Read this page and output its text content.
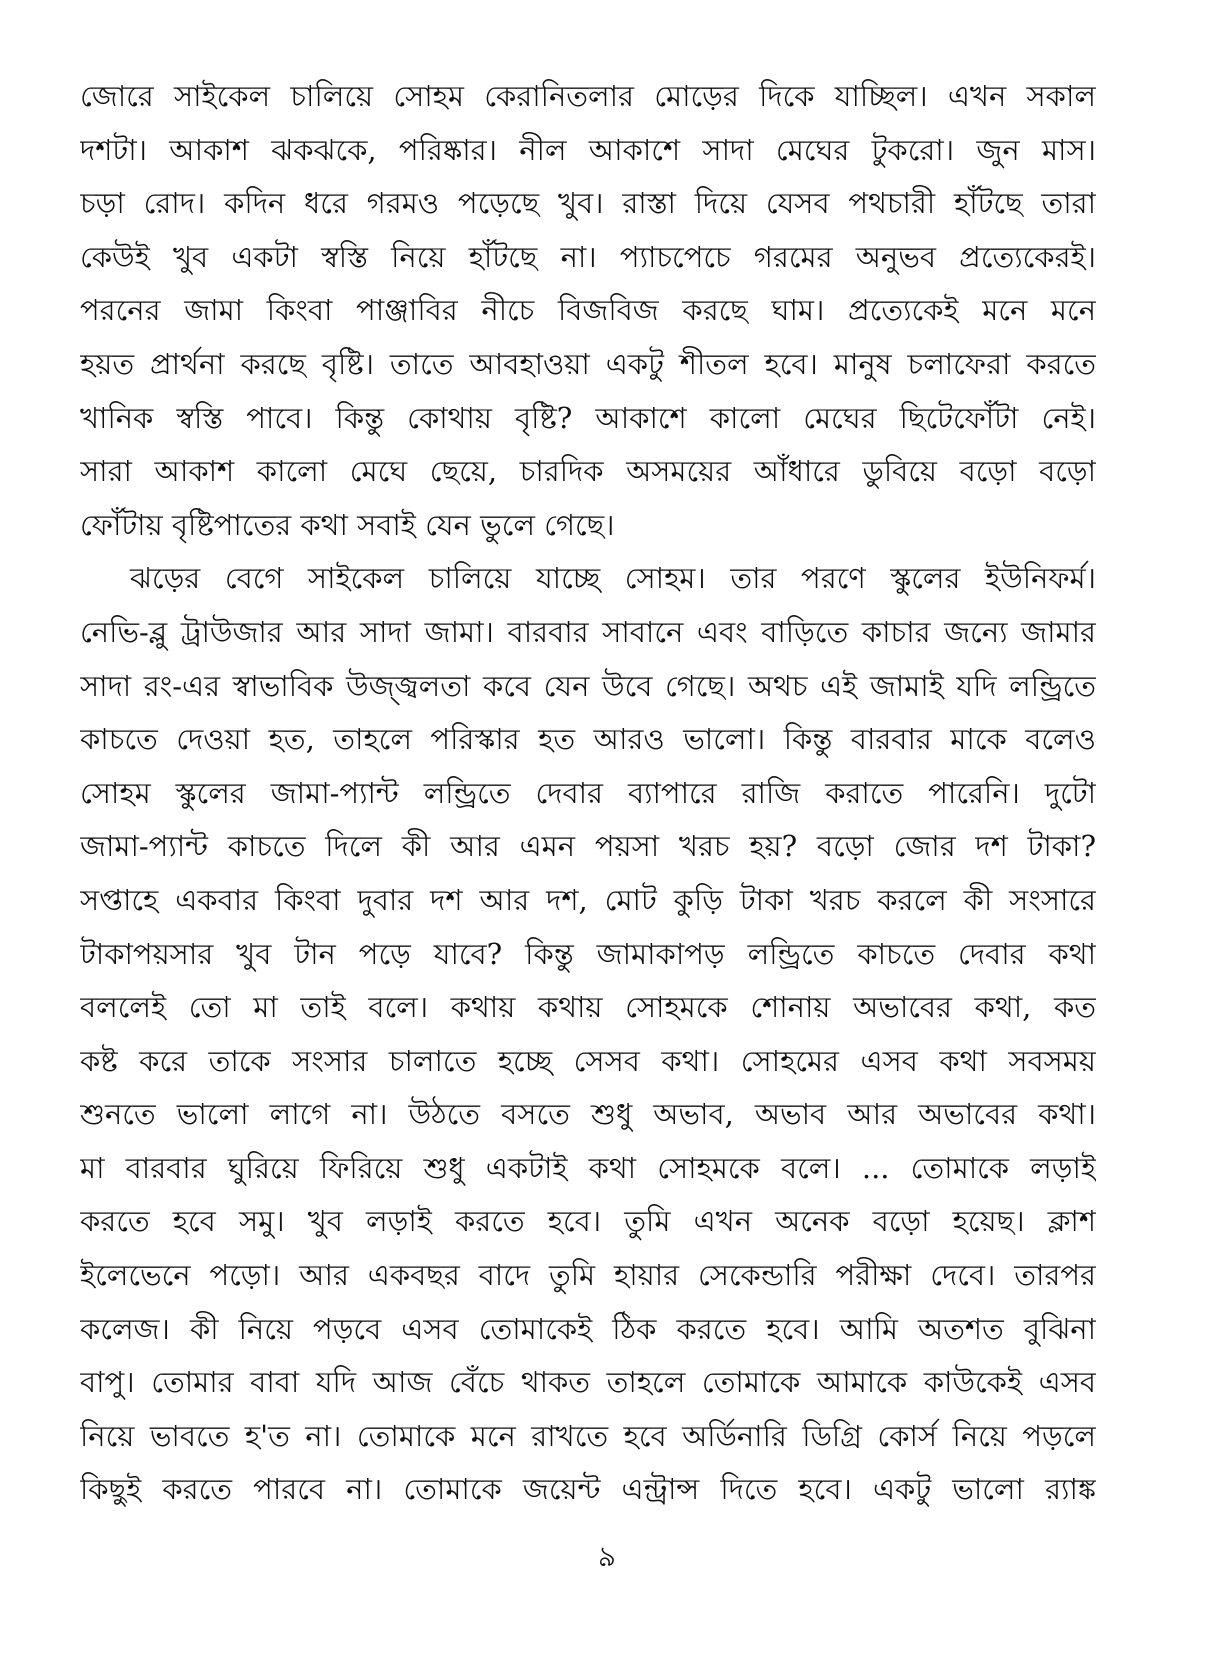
জোরে সাইকেল চালিয়ে সোহম কেরানিতলার মোড়ের দিকে যাচ্ছিল। এখন সকাল
দশটা। আকাশ ঝকঝকে, পরিষ্কার। নীল আকাশে সাদা মেঘের টুকরো। জুন মাস।
চড়া রোদ। কদিন ধরে গরমও পড়েছে খুব। রাস্তা দিয়ে যেসব পথচারী হাঁটছে তারা
কেউই খুব একটা স্বস্তি নিয়ে হাঁটছে না। প্যাচপেচে গরমের অনুভব প্রত্যেকেরই।
পরনের জামা কিংবা পাঞ্জাবির নীচে বিজবিজ করছে ঘাম। প্রত্যেকেই মনে মনে
হয়ত প্রার্থনা করছে বৃষ্টি। তাতে আবহাওয়া একটু শীতল হবে। মানুষ চলাফেরা করতে
খানিক স্বস্তি পাবে। কিন্তু কোথায় বৃষ্টি? আকাশে কালো মেঘের ছিটেফোঁটা নেই।
সারা আকাশ কালো মেঘে ছেয়ে, চারদিক অসময়ের আঁধারে ডুবিয়ে বড়ো বড়ো
ফোঁটায় বৃষ্টিপাতের কথা সবাই যেন ভুলে গেছে।
ঝড়ের বেগে সাইকেল চালিয়ে যাচ্ছে সোহম। তার পরণে স্কুলের ইউনিফর্ম।
নেভি-ব্লু ট্রাউজার আর সাদা জামা। বারবার সাবানে এবং বাড়িতে কাচার জন্যে জামার
সাদা রং-এর স্বাভাবিক উজ্জ্বলতা কবে যেন উবে গেছে। অথচ এই জামাই যদি লন্ড্রিতে
কাচতে দেওয়া হত, তাহলে পরিস্কার হত আরও ভালো। কিন্তু বারবার মাকে বলেও
সোহম স্কুলের জামা-প্যান্ট লন্ড্রিতে দেবার ব্যাপারে রাজি করাতে পারেনি। দুটো
জামা-প্যান্ট কাচতে দিলে কী আর এমন পয়সা খরচ হয়? বড়ো জোর দশ টাকা?
সপ্তাহে একবার কিংবা দুবার দশ আর দশ, মোট কুড়ি টাকা খরচ করলে কী সংসারে
টাকাপয়সার খুব টান পড়ে যাবে? কিন্তু জামাকাপড় লন্ড্রিতে কাচতে দেবার কথা
বললেই তো মা তাই বলে। কথায় কথায় সোহমকে শোনায় অভাবের কথা, কত
কষ্ট করে তাকে সংসার চালাতে হচ্ছে সেসব কথা। সোহমের এসব কথা সবসময়
শুনতে ভালো লাগে না। উঠতে বসতে শুধু অভাব, অভাব আর অভাবের কথা।
মা বারবার ঘুরিয়ে ফিরিয়ে শুধু একটাই কথা সোহমকে বলে। ... তোমাকে লড়াই
করতে হবে সমু। খুব লড়াই করতে হবে। তুমি এখন অনেক বড়ো হয়েছ। ক্লাশ
ইলেভেনে পড়ো। আর একবছর বাদে তুমি হায়ার সেকেন্ডারি পরীক্ষা দেবে। তারপর
কলেজ। কী নিয়ে পড়বে এসব তোমাকেই ঠিক করতে হবে। আমি অতশত বুঝিনা
বাপু। তোমার বাবা যদি আজ বেঁচে থাকত তাহলে তোমাকে আমাকে কাউকেই এসব
নিয়ে ভাবতে হ'ত না। তোমাকে মনে রাখতে হবে অর্ডিনারি ডিগ্রি কোর্স নিয়ে পড়লে
কিছুই করতে পারবে না। তোমাকে জয়েন্ট এন্ট্রান্স দিতে হবে। একটু ভালো র‍্যাঙ্ক
৯
